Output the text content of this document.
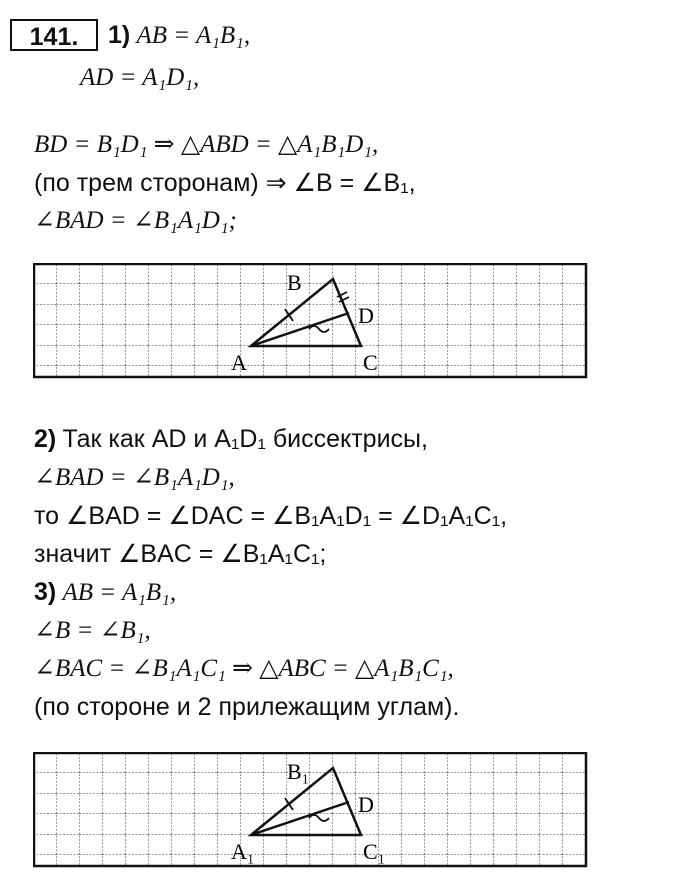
141.	1) AB = A₁B₁,
AD = A₁D₁,
BD = B₁D₁ ⇒ △ABD = △A₁B₁D₁,
(по трем сторонам) ⇒ ∠B = ∠B₁,
∠BAD = ∠B₁A₁D₁;
A
B
C
D
2) Так как AD и A₁D₁ биссектрисы,
∠BAD = ∠B₁A₁D₁,
то ∠BAD = ∠DAC = ∠B₁A₁D₁ = ∠D₁A₁C₁,
значит ∠BAC = ∠B₁A₁C₁;
3) AB = A₁B₁,
∠B = ∠B₁,
∠BAC = ∠B₁A₁C₁ ⇒ △ABC = △A₁B₁C₁,
(по стороне и 2 прилежащим углам).
A₁
B₁
C₁
D
